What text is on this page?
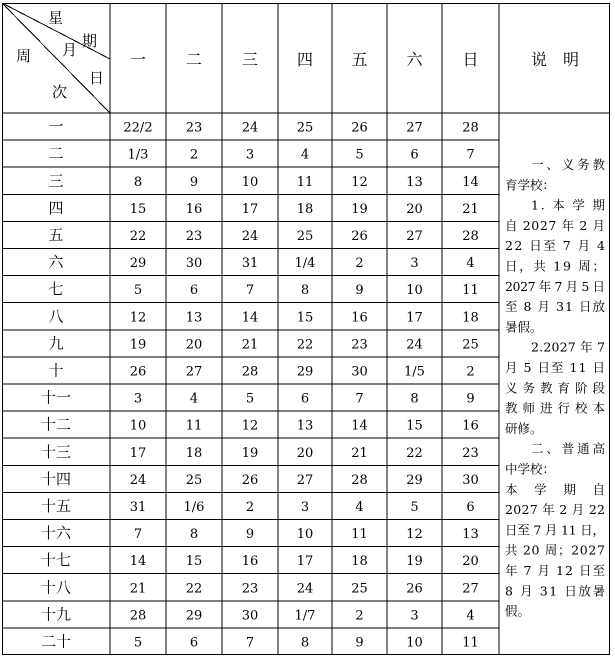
星
期
周 月
日
次
一 二 三 四 五 六 日	说　明
一	22/2	23	24	25	26	27	28
二	1/3	2	3	4	5	6	7
三	8	9	10	11	12	13	14
四	15	16	17	18	19	20	21
五	22	23	24	25	26	27	28
六	29	30	31	1/4	2	3	4
七	5	6	7	8	9	10	11
八	12	13	14	15	16	17	18
九	19	20	21	22	23	24	25
十	26	27	28	29	30	1/5	2
十一	3	4	5	6	7	8	9
十二	10	11	12	13	14	15	16
十三	17	18	19	20	21	22	23
十四	24	25	26	27	28	29	30
十五	31	1/6	2	3	4	5	6
十六	7	8	9	10	11	12	13
十七	14	15	16	17	18	19	20
十八	21	22	23	24	25	26	27
十九	28	29	30	1/7	2	3	4
二十	5	6	7	8	9	10	11
一、义务教
育学校：
1. 本 学 期
自 2027 年 2 月
22 日至 7 月 4
日，共 19 周；
2027 年 7 月 5 日
至 8 月 31 日放
暑假。
2.2027 年 7
月 5 日至 11 日
义务教育阶段
教师进行校本
研修。
二、普通高
中学校：
本 学 期 自
2027 年 2 月 22
日至 7 月 11 日，
共 20 周；2027
年 7 月 12 日至
8 月 31 日放暑
假。
